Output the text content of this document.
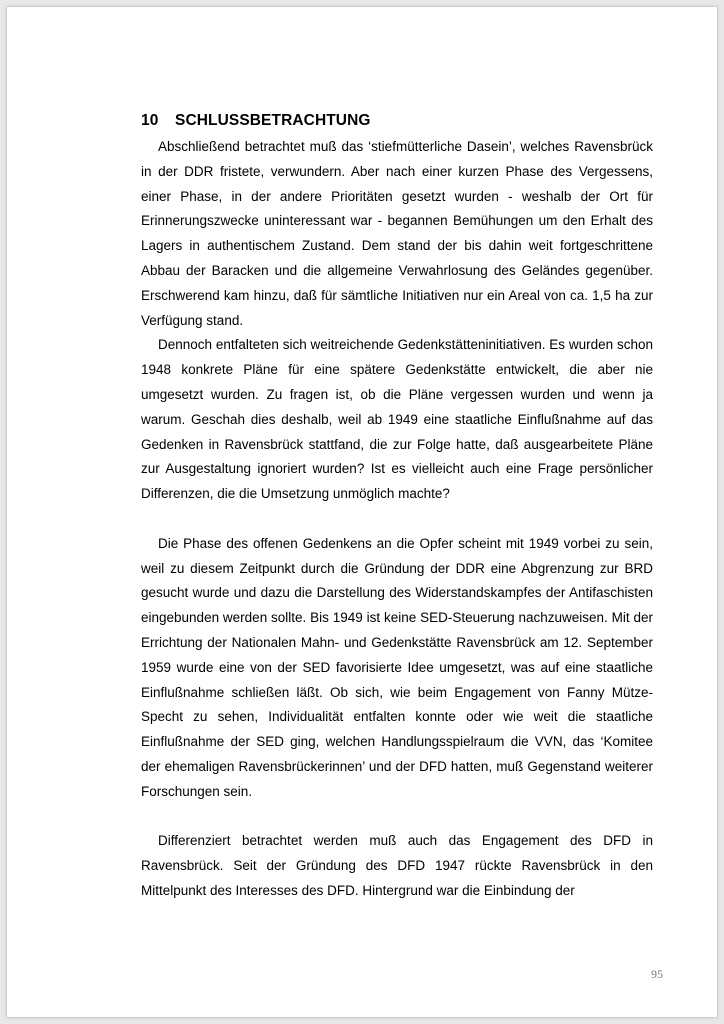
10 SCHLUSSBETRACHTUNG

Abschließend betrachtet muß das ‘stiefmütterliche Dasein’, welches Ravensbrück in der DDR fristete, verwundern. Aber nach einer kurzen Phase des Vergessens, einer Phase, in der andere Prioritäten gesetzt wurden - weshalb der Ort für Erinnerungszwecke uninteressant war - begannen Bemühungen um den Erhalt des Lagers in authentischem Zustand. Dem stand der bis dahin weit fortgeschrittene Abbau der Baracken und die allgemeine Verwahrlosung des Geländes gegenüber. Erschwerend kam hinzu, daß für sämtliche Initiativen nur ein Areal von ca. 1,5 ha zur Verfügung stand.

Dennoch entfalteten sich weitreichende Gedenkstätteninitiativen. Es wurden schon 1948 konkrete Pläne für eine spätere Gedenkstätte entwickelt, die aber nie umgesetzt wurden. Zu fragen ist, ob die Pläne vergessen wurden und wenn ja warum. Geschah dies deshalb, weil ab 1949 eine staatliche Einflußnahme auf das Gedenken in Ravensbrück stattfand, die zur Folge hatte, daß ausgearbeitete Pläne zur Ausgestaltung ignoriert wurden? Ist es vielleicht auch eine Frage persönlicher Differenzen, die die Umsetzung unmöglich machte?

Die Phase des offenen Gedenkens an die Opfer scheint mit 1949 vorbei zu sein, weil zu diesem Zeitpunkt durch die Gründung der DDR eine Abgrenzung zur BRD gesucht wurde und dazu die Darstellung des Widerstandskampfes der Antifaschisten eingebunden werden sollte. Bis 1949 ist keine SED-Steuerung nachzuweisen. Mit der Errichtung der Nationalen Mahn- und Gedenkstätte Ravensbrück am 12. September 1959 wurde eine von der SED favorisierte Idee umgesetzt, was auf eine staatliche Einflußnahme schließen läßt. Ob sich, wie beim Engagement von Fanny Mütze-Specht zu sehen, Individualität entfalten konnte oder wie weit die staatliche Einflußnahme der SED ging, welchen Handlungsspielraum die VVN, das ‘Komitee der ehemaligen Ravensbrückerinnen’ und der DFD hatten, muß Gegenstand weiterer Forschungen sein.

Differenziert betrachtet werden muß auch das Engagement des DFD in Ravensbrück. Seit der Gründung des DFD 1947 rückte Ravensbrück in den Mittelpunkt des Interesses des DFD. Hintergrund war die Einbindung der

95
